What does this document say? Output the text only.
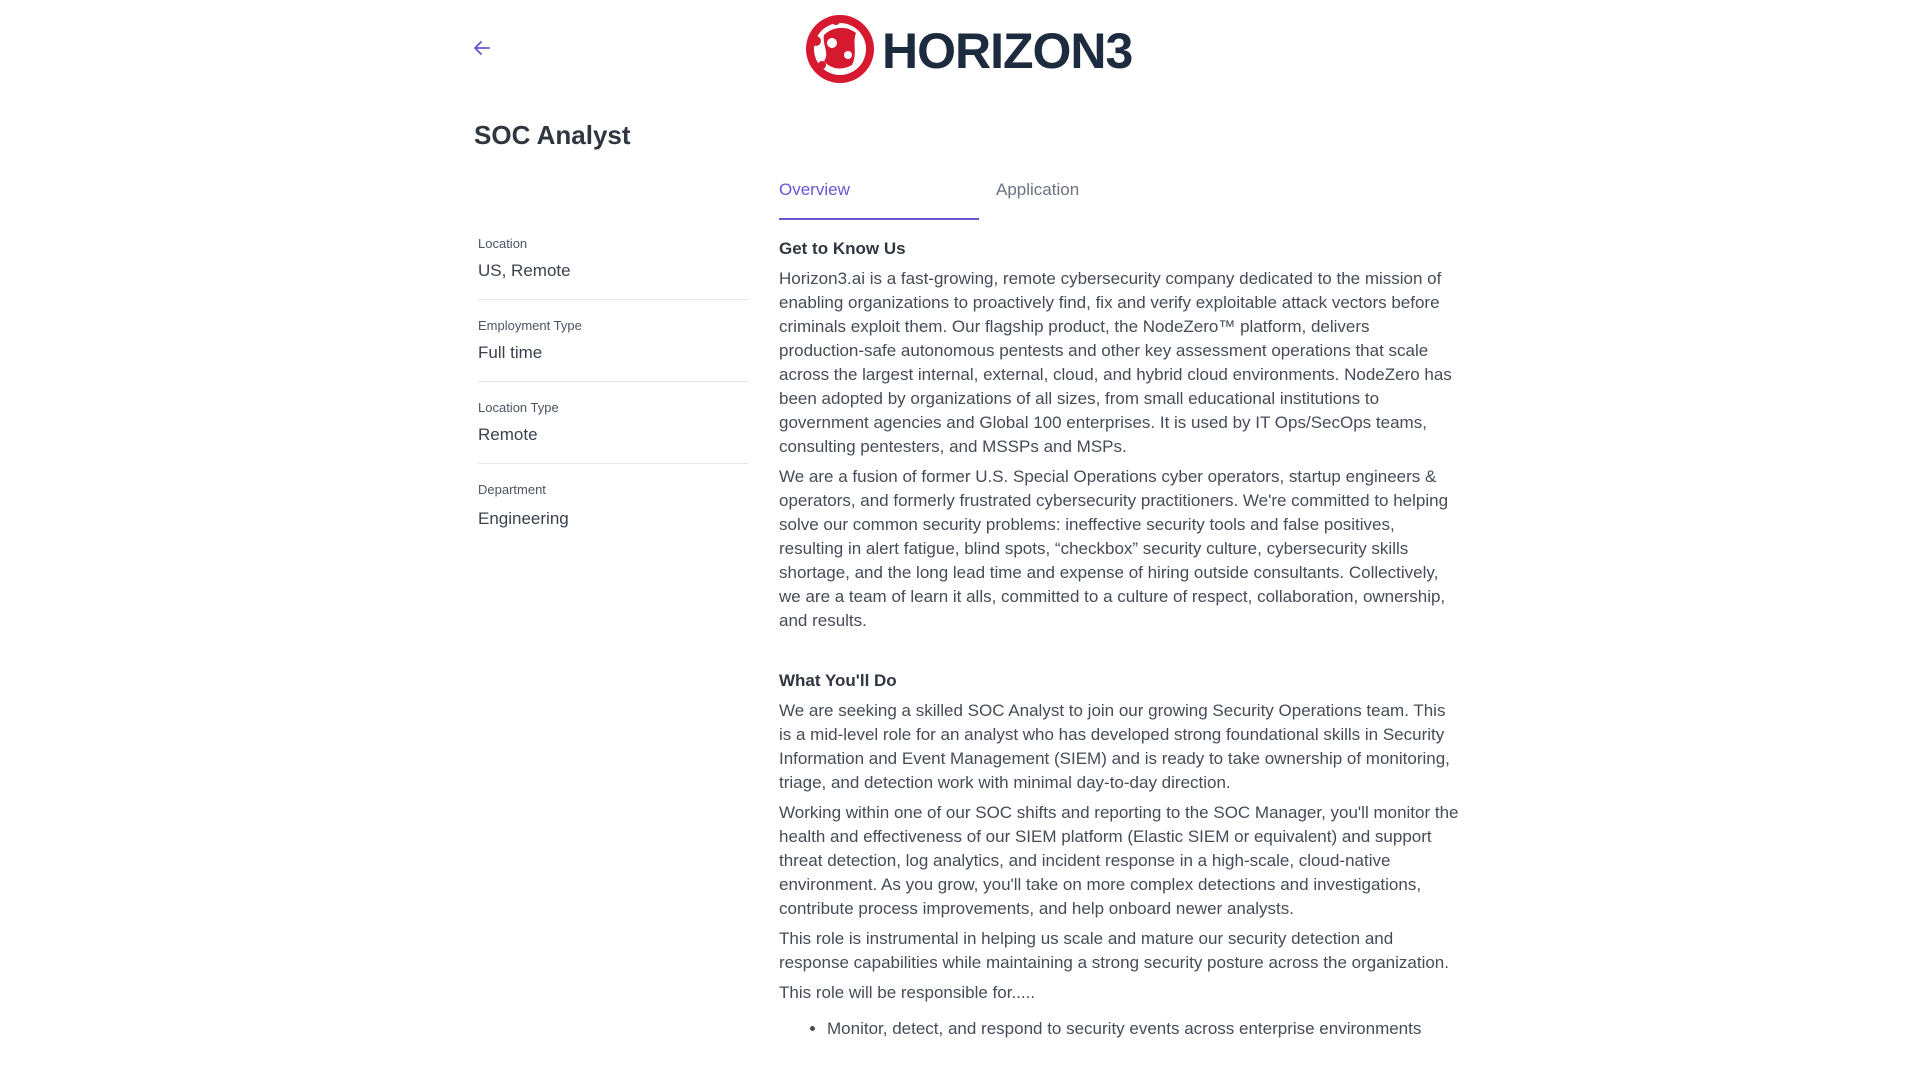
HORIZON3
SOC Analyst
Location
US, Remote
Employment Type
Full time
Location Type
Remote
Department
Engineering
Overview	Application
Get to Know Us

Horizon3.ai is a fast-growing, remote cybersecurity company dedicated to the mission of enabling organizations to proactively find, fix and verify exploitable attack vectors before criminals exploit them. Our flagship product, the NodeZero™ platform, delivers production-safe autonomous pentests and other key assessment operations that scale across the largest internal, external, cloud, and hybrid cloud environments. NodeZero has been adopted by organizations of all sizes, from small educational institutions to government agencies and Global 100 enterprises. It is used by IT Ops/SecOps teams, consulting pentesters, and MSSPs and MSPs.

We are a fusion of former U.S. Special Operations cyber operators, startup engineers & operators, and formerly frustrated cybersecurity practitioners. We're committed to helping solve our common security problems: ineffective security tools and false positives, resulting in alert fatigue, blind spots, “checkbox” security culture, cybersecurity skills shortage, and the long lead time and expense of hiring outside consultants. Collectively, we are a team of learn it alls, committed to a culture of respect, collaboration, ownership, and results.

What You'll Do

We are seeking a skilled SOC Analyst to join our growing Security Operations team. This is a mid-level role for an analyst who has developed strong foundational skills in Security Information and Event Management (SIEM) and is ready to take ownership of monitoring, triage, and detection work with minimal day-to-day direction.

Working within one of our SOC shifts and reporting to the SOC Manager, you'll monitor the health and effectiveness of our SIEM platform (Elastic SIEM or equivalent) and support threat detection, log analytics, and incident response in a high-scale, cloud-native environment. As you grow, you'll take on more complex detections and investigations, contribute process improvements, and help onboard newer analysts.

This role is instrumental in helping us scale and mature our security detection and response capabilities while maintaining a strong security posture across the organization.

This role will be responsible for.....

• Monitor, detect, and respond to security events across enterprise environments
